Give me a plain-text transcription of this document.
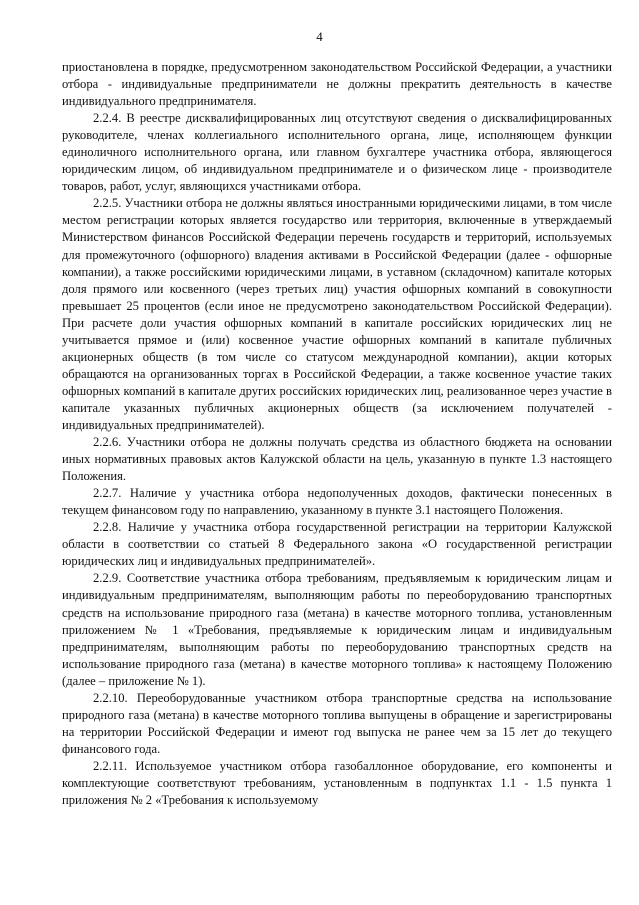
4

приостановлена в порядке, предусмотренном законодательством Российской Федерации, а участники отбора - индивидуальные предприниматели не должны прекратить деятельность в качестве индивидуального предпринимателя.

2.2.4. В реестре дисквалифицированных лиц отсутствуют сведения о дисквалифицированных руководителе, членах коллегиального исполнительного органа, лице, исполняющем функции единоличного исполнительного органа, или главном бухгалтере участника отбора, являющегося юридическим лицом, об индивидуальном предпринимателе и о физическом лице - производителе товаров, работ, услуг, являющихся участниками отбора.

2.2.5. Участники отбора не должны являться иностранными юридическими лицами, в том числе местом регистрации которых является государство или территория, включенные в утверждаемый Министерством финансов Российской Федерации перечень государств и территорий, используемых для промежуточного (офшорного) владения активами в Российской Федерации (далее - офшорные компании), а также российскими юридическими лицами, в уставном (складочном) капитале которых доля прямого или косвенного (через третьих лиц) участия офшорных компаний в совокупности превышает 25 процентов (если иное не предусмотрено законодательством Российской Федерации). При расчете доли участия офшорных компаний в капитале российских юридических лиц не учитывается прямое и (или) косвенное участие офшорных компаний в капитале публичных акционерных обществ (в том числе со статусом международной компании), акции которых обращаются на организованных торгах в Российской Федерации, а также косвенное участие таких офшорных компаний в капитале других российских юридических лиц, реализованное через участие в капитале указанных публичных акционерных обществ (за исключением получателей - индивидуальных предпринимателей).

2.2.6. Участники отбора не должны получать средства из областного бюджета на основании иных нормативных правовых актов Калужской области на цель, указанную в пункте 1.3 настоящего Положения.

2.2.7. Наличие у участника отбора недополученных доходов, фактически понесенных в текущем финансовом году по направлению, указанному в пункте 3.1 настоящего Положения.

2.2.8. Наличие у участника отбора государственной регистрации на территории Калужской области в соответствии со статьей 8 Федерального закона «О государственной регистрации юридических лиц и индивидуальных предпринимателей».

2.2.9. Соответствие участника отбора требованиям, предъявляемым к юридическим лицам и индивидуальным предпринимателям, выполняющим работы по переоборудованию транспортных средств на использование природного газа (метана) в качестве моторного топлива, установленным приложением № 1 «Требования, предъявляемые к юридическим лицам и индивидуальным предпринимателям, выполняющим работы по переоборудованию транспортных средств на использование природного газа (метана) в качестве моторного топлива» к настоящему Положению (далее – приложение № 1).

2.2.10. Переоборудованные участником отбора транспортные средства на использование природного газа (метана) в качестве моторного топлива выпущены в обращение и зарегистрированы на территории Российской Федерации и имеют год выпуска не ранее чем за 15 лет до текущего финансового года.

2.2.11. Используемое участником отбора газобаллонное оборудование, его компоненты и комплектующие соответствуют требованиям, установленным в подпунктах 1.1 - 1.5 пункта 1 приложения № 2 «Требования к используемому
